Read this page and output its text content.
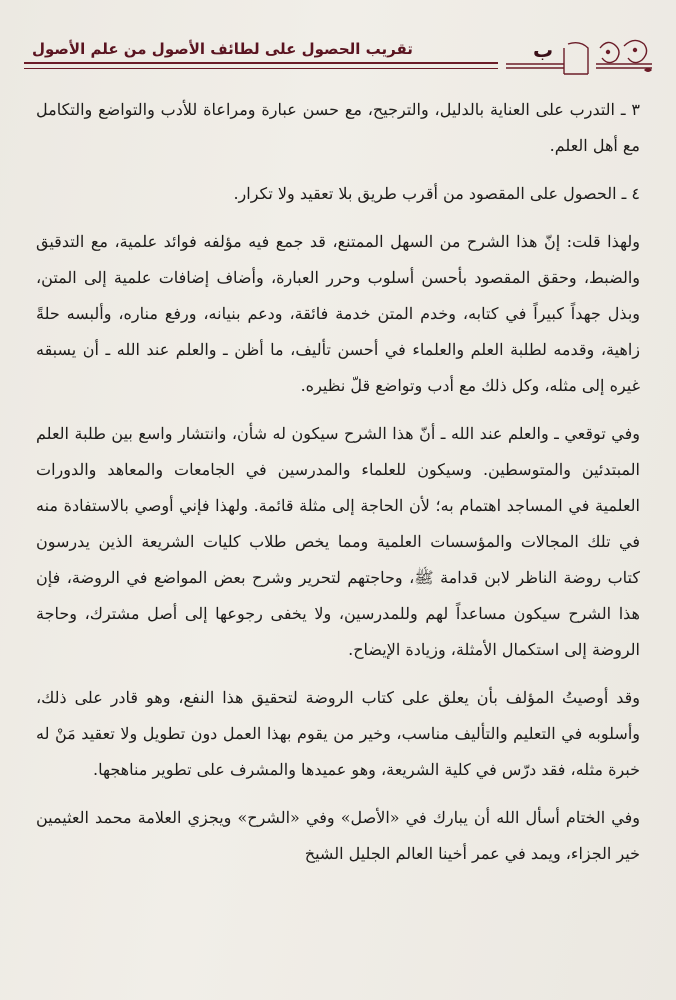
تقريب الحصول على لطائف الأصول من علم الأصول	ب

٣ ـ التدرب على العناية بالدليل، والترجيح، مع حسن عبارة ومراعاة للأدب والتواضع والتكامل مع أهل العلم.

٤ ـ الحصول على المقصود من أقرب طريق بلا تعقيد ولا تكرار.

ولهذا قلت: إنّ هذا الشرح من السهل الممتنع، قد جمع فيه مؤلفه فوائد علمية، مع التدقيق والضبط، وحقق المقصود بأحسن أسلوب وحرر العبارة، وأضاف إضافات علمية إلى المتن، وبذل جهداً كبيراً في كتابه، وخدم المتن خدمة فائقة، ودعم بنيانه، ورفع مناره، وألبسه حلةً زاهية، وقدمه لطلبة العلم والعلماء في أحسن تأليف، ما أظن ـ والعلم عند الله ـ أن يسبقه غيره إلى مثله، وكل ذلك مع أدب وتواضع قلّ نظيره.

وفي توقعي ـ والعلم عند الله ـ أنّ هذا الشرح سيكون له شأن، وانتشار واسع بين طلبة العلم المبتدئين والمتوسطين. وسيكون للعلماء والمدرسين في الجامعات والمعاهد والدورات العلمية في المساجد اهتمام به؛ لأن الحاجة إلى مثلة قائمة. ولهذا فإني أوصي بالاستفادة منه في تلك المجالات والمؤسسات العلمية ومما يخص طلاب كليات الشريعة الذين يدرسون كتاب روضة الناظر لابن قدامة ﷺ، وحاجتهم لتحرير وشرح بعض المواضع في الروضة، فإن هذا الشرح سيكون مساعداً لهم وللمدرسين، ولا يخفى رجوعها إلى أصل مشترك، وحاجة الروضة إلى استكمال الأمثلة، وزيادة الإيضاح.

وقد أوصيتُ المؤلف بأن يعلق على كتاب الروضة لتحقيق هذا النفع، وهو قادر على ذلك، وأسلوبه في التعليم والتأليف مناسب، وخير من يقوم بهذا العمل دون تطويل ولا تعقيد مَنْ له خبرة مثله، فقد درّس في كلية الشريعة، وهو عميدها والمشرف على تطوير مناهجها.

وفي الختام أسأل الله أن يبارك في «الأصل» وفي «الشرح» ويجزي العلامة محمد العثيمين خير الجزاء، ويمد في عمر أخينا العالم الجليل الشيخ
